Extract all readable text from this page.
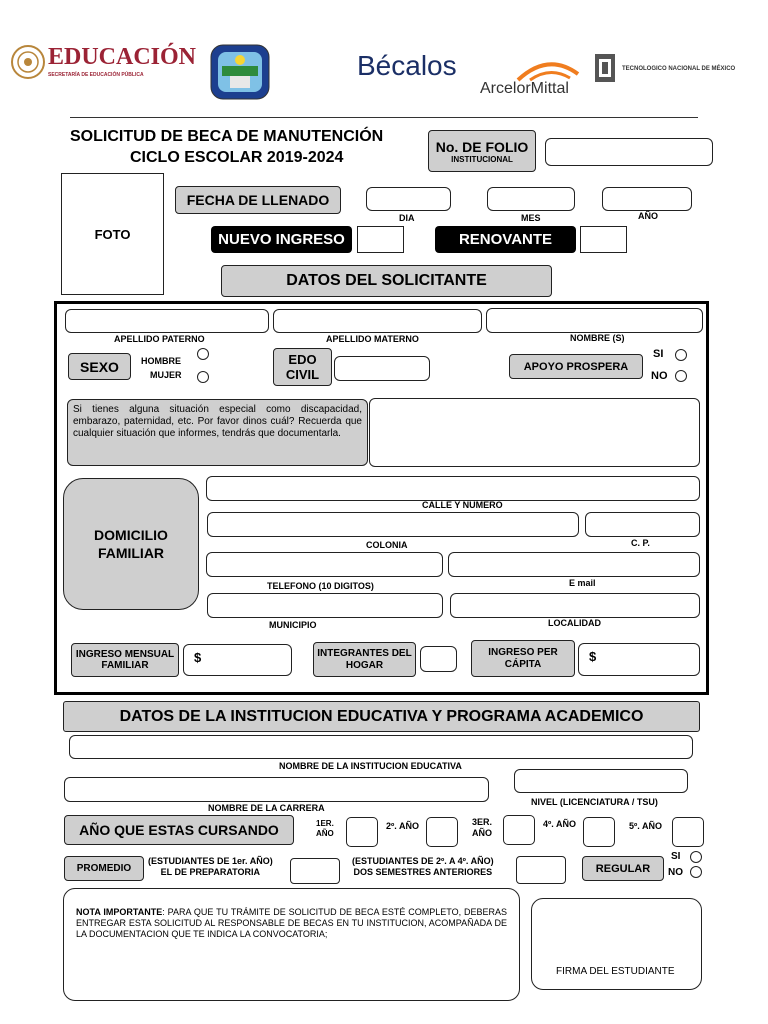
EDUCACIÓN
SECRETARÍA DE EDUCACIÓN PÚBLICA	Bécalos
ArcelorMittal
TECNOLOGICO NACIONAL DE MÉXICO
SOLICITUD DE BECA DE MANUTENCIÓN
CICLO ESCOLAR 2019-2024
No. DE FOLIO
INSTITUCIONAL
FOTO
FECHA DE LLENADO
DIA	MES	AÑO
NUEVO INGRESO	RENOVANTE
DATOS DEL SOLICITANTE
APELLIDO PATERNO	APELLIDO MATERNO	NOMBRE (S)
SEXO	HOMBRE
MUJER
EDO
CIVIL
APOYO PROSPERA
SI
NO
Si tienes alguna situación especial como discapacidad, embarazo, paternidad, etc. Por favor dinos cuál? Recuerda que cualquier situación que informes, tendrás que documentarla.
DOMICILIO FAMILIAR
CALLE Y NUMERO
COLONIA	C. P.
TELEFONO (10 DIGITOS)	E mail
MUNICIPIO	LOCALIDAD
INGRESO MENSUAL FAMILIAR
$	INTEGRANTES DEL HOGAR
INGRESO PER CÁPITA	$
DATOS DE LA INSTITUCION EDUCATIVA Y PROGRAMA ACADEMICO
NOMBRE DE LA INSTITUCION EDUCATIVA
NIVEL (LICENCIATURA / TSU)
NOMBRE DE LA CARRERA
AÑO QUE ESTAS CURSANDO	1ER.
AÑO
2º. AÑO	3ER.
AÑO
4º. AÑO	5º. AÑO
PROMEDIO
(ESTUDIANTES DE 1er. AÑO)
EL DE PREPARATORIA
(ESTUDIANTES DE 2º. A 4º. AÑO)
DOS SEMESTRES ANTERIORES	REGULAR
SI
NO
NOTA IMPORTANTE: PARA QUE TU TRÁMITE DE SOLICITUD DE BECA ESTÉ COMPLETO, DEBERAS ENTREGAR ESTA SOLICITUD AL RESPONSABLE DE BECAS EN TU INSTITUCION, ACOMPAÑADA DE LA DOCUMENTACION QUE TE INDICA LA CONVOCATORIA;
FIRMA DEL ESTUDIANTE
